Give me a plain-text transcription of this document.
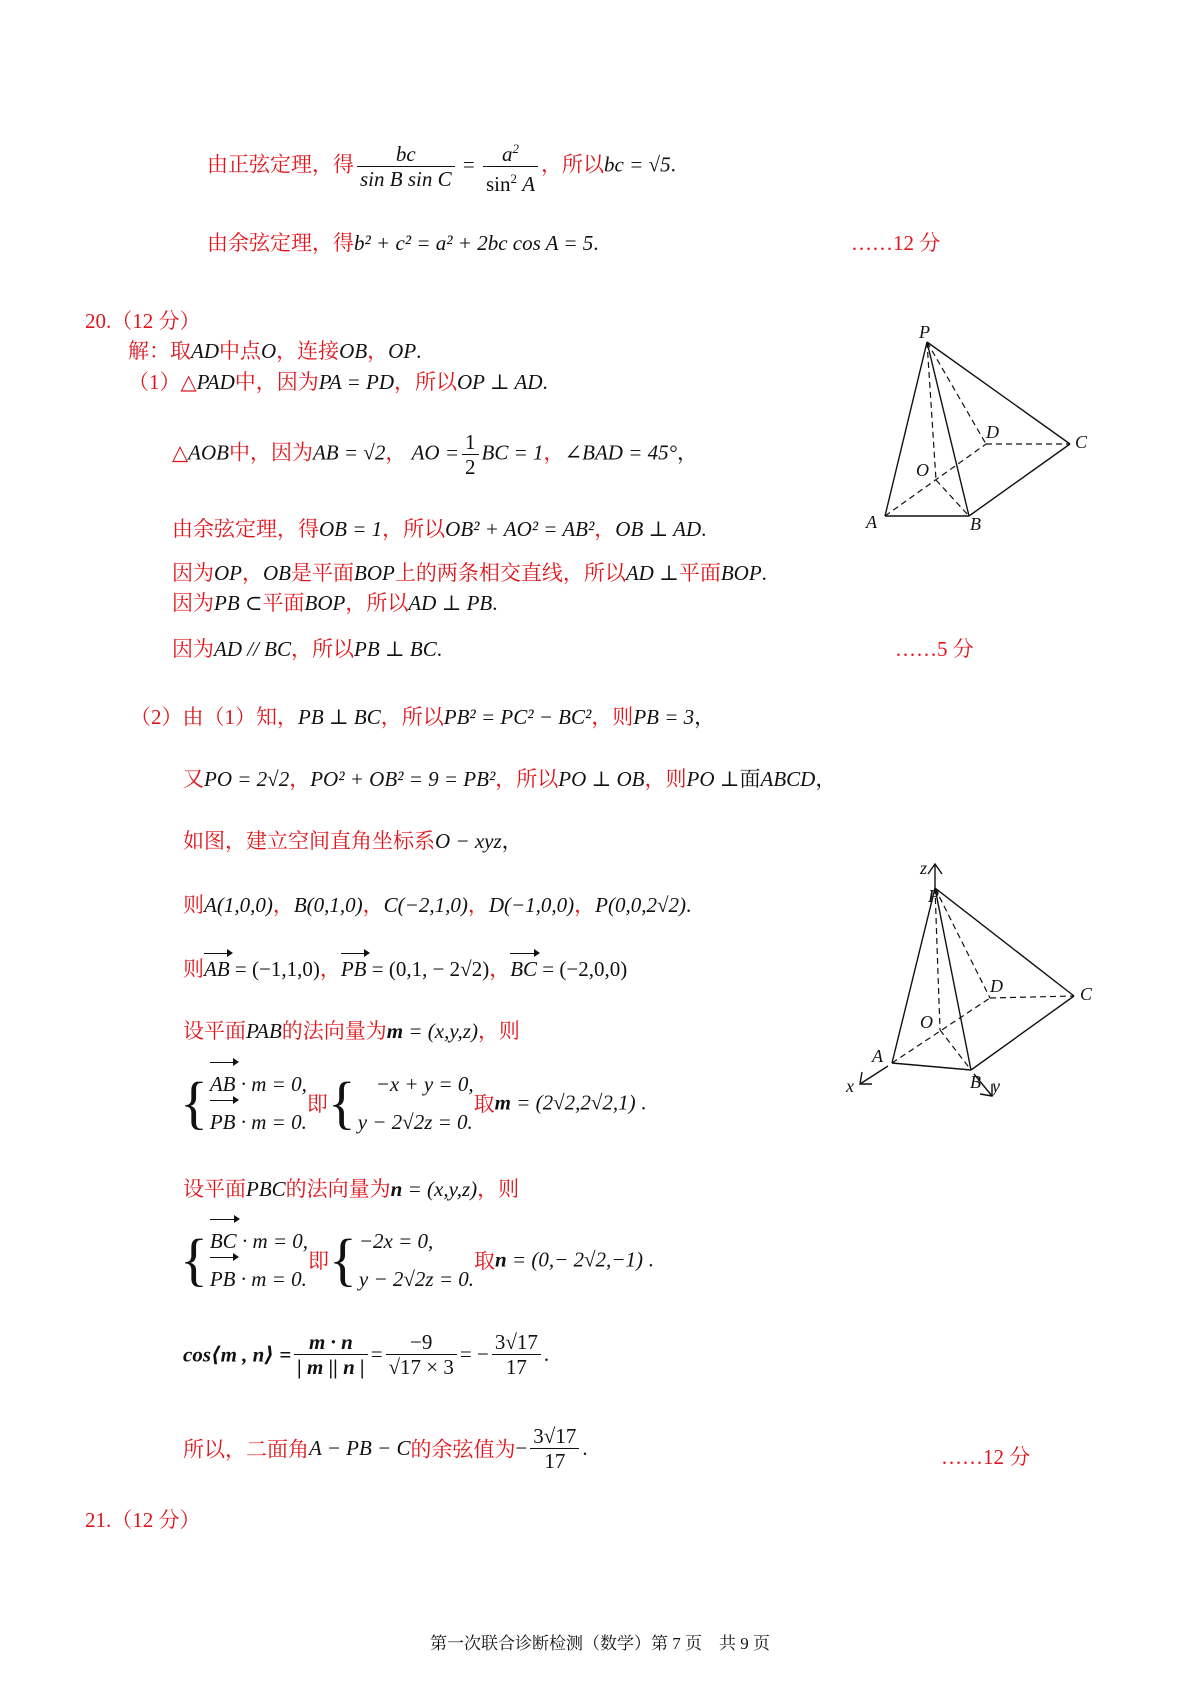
由正弦定理，得 $\frac{bc}{\text{sin B sin C}} = \frac{a^2}{\sin^2 A}$ ，所以bc = √5.
由余弦定理，得b² + c² = a² + 2bc cos A = 5.	……12 分
20.（12 分）
解：取AD中点O，连接OB，OP.
（1）△PAD中，因为PA = PD，所以OP ⊥ AD.
△AOB中，因为AB = √2， AO = $\frac{1}{2}$ BC = 1，∠BAD = 45°，
由余弦定理，得OB = 1，所以OB² + AO² = AB²，OB ⊥ AD.
因为OP，OB是平面BOP上的两条相交直线，所以AD ⊥平面BOP.
因为PB ⊂平面BOP，所以AD ⊥ PB.
因为AD // BC，所以PB ⊥ BC.	……5 分
（2）由（1）知，PB ⊥ BC，所以PB² = PC² − BC²，则PB = 3，
又PO = 2√2，PO² + OB² = 9 = PB²，所以PO ⊥ OB，则PO ⊥面ABCD，
如图，建立空间直角坐标系O − xyz，
则A(1,0,0)，B(0,1,0)，C(−2,1,0)，D(−1,0,0)，P(0,0,2√2).
则AB = (−1,1,0)，PB = (0,1, − 2√2)，BC = (−2,0,0)
设平面PAB的法向量为m = (x,y,z)，则
{ AB · m = 0,
PB · m = 0.
即{ −x + y = 0,
y − 2√2z = 0.
取m = (2√2,2√2,1) .
设平面PBC的法向量为n = (x,y,z)，则
{ BC · m = 0,
PB · m = 0.
即{ −2x = 0,
y − 2√2z = 0.
取n = (0,− 2√2,−1) .
cos⟨m , n⟩ = $\frac{m \cdot n}{| m || n |} = \frac{-9}{√17 \times 3}$ = − $\frac{3√17}{17}$ .
所以，二面角A − PB − C的余弦值为− $\frac{3√17}{17}$ .	……12 分
21.（12 分）
P
A	B
C
D
O
z
P
A
B
C
D
O
x	y
第一次联合诊断检测（数学）第 7 页　共 9 页
